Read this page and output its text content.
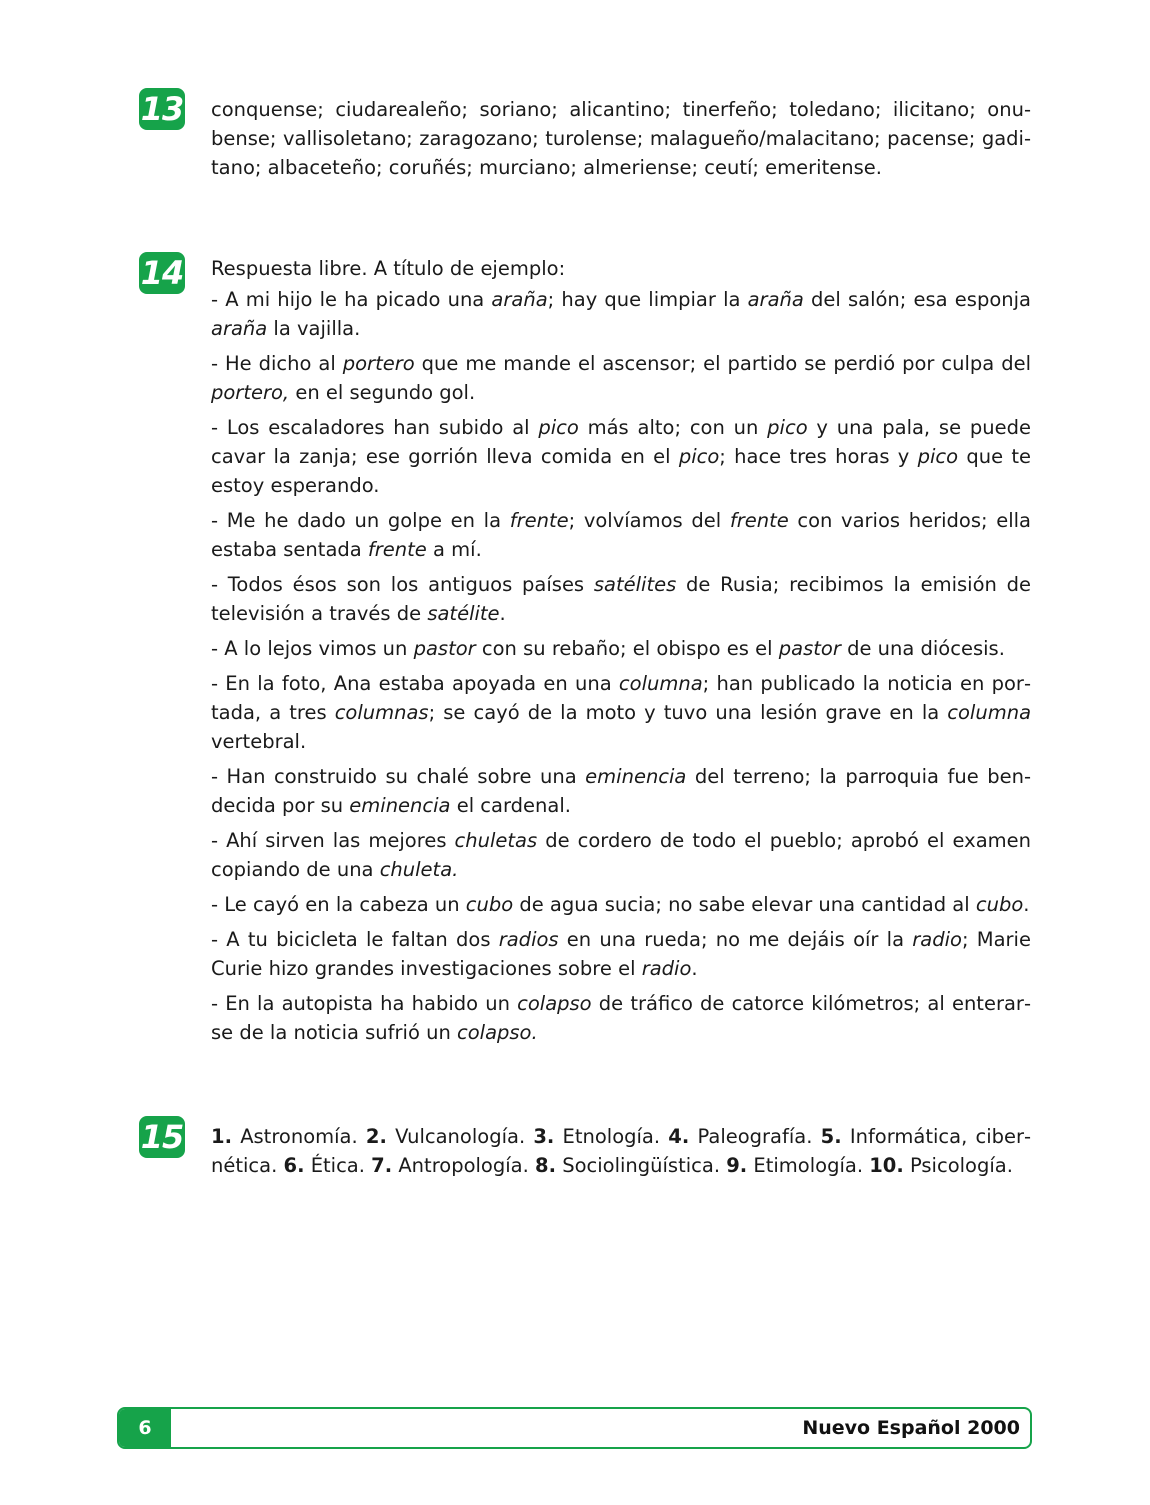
13 conquense; ciudarealeño; soriano; alicantino; tinerfeño; toledano; ilicitano; onubense; vallisoletano; zaragozano; turolense; malagueño/malacitano; pacense; gaditano; albaceteño; coruñés; murciano; almeriense; ceutí; emeritense.

14 Respuesta libre. A título de ejemplo:

- A mi hijo le ha picado una araña; hay que limpiar la araña del salón; esa esponja araña la vajilla.

- He dicho al portero que me mande el ascensor; el partido se perdió por culpa del portero, en el segundo gol.

- Los escaladores han subido al pico más alto; con un pico y una pala, se puede cavar la zanja; ese gorrión lleva comida en el pico; hace tres horas y pico que te estoy esperando.

- Me he dado un golpe en la frente; volvíamos del frente con varios heridos; ella estaba sentada frente a mí.

- Todos ésos son los antiguos países satélites de Rusia; recibimos la emisión de televisión a través de satélite.

- A lo lejos vimos un pastor con su rebaño; el obispo es el pastor de una diócesis.

- En la foto, Ana estaba apoyada en una columna; han publicado la noticia en portada, a tres columnas; se cayó de la moto y tuvo una lesión grave en la columna vertebral.

- Han construido su chalé sobre una eminencia del terreno; la parroquia fue bendecida por su eminencia el cardenal.

- Ahí sirven las mejores chuletas de cordero de todo el pueblo; aprobó el examen copiando de una chuleta.

- Le cayó en la cabeza un cubo de agua sucia; no sabe elevar una cantidad al cubo.

- A tu bicicleta le faltan dos radios en una rueda; no me dejáis oír la radio; Marie Curie hizo grandes investigaciones sobre el radio.

- En la autopista ha habido un colapso de tráfico de catorce kilómetros; al enterarse de la noticia sufrió un colapso.

15 1. Astronomía. 2. Vulcanología. 3. Etnología. 4. Paleografía. 5. Informática, cibernética. 6. Ética. 7. Antropología. 8. Sociolingüística. 9. Etimología. 10. Psicología.

6	Nuevo Español 2000
